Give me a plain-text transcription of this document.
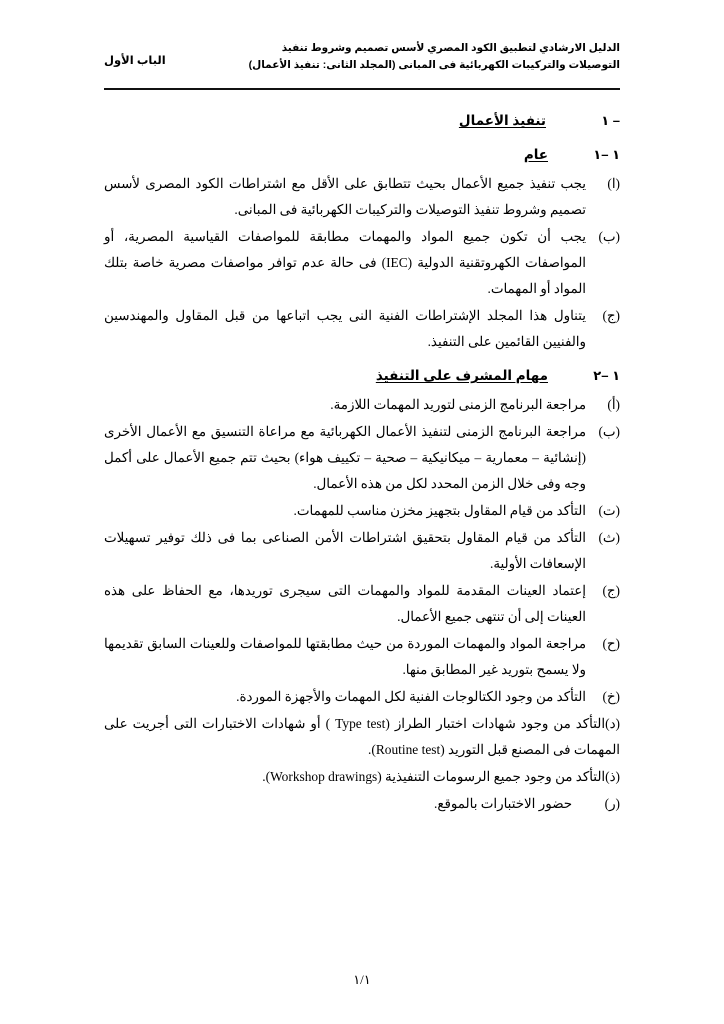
الباب الأول
الدليل الارشادي لتطبيق الكود المصري لأسس تصميم وشروط تنفيذ
التوصيلات والتركيبات الكهربائية فى المبانى (المجلد الثانى: تنفيذ الأعمال)
١ –
تنفيذ الأعمال
١ –١
عام
(ا)
يجب تنفيذ جميع الأعمال بحيث تتطابق على الأقل مع اشتراطات الكود المصرى لأسس تصميم وشروط تنفيذ التوصيلات والتركيبات الكهربائية فى المبانى.
(ب)
يجب أن تكون جميع المواد والمهمات مطابقة للمواصفات القياسية المصرية، أو المواصفات الكهروتقنية الدولية (IEC) فى حالة عدم توافر مواصفات مصرية خاصة بتلك المواد أو المهمات.
(ج)
يتناول هذا المجلد الإشتراطات الفنية النى يجب اتباعها من قبل المقاول والمهندسين والفنيين القائمين على التنفيذ.
١ –٢
مهام المشرف على التنفيذ
(أ)
مراجعة البرنامج الزمنى لتوريد المهمات اللازمة.
(ب)
مراجعة البرنامج الزمنى لتنفيذ الأعمال الكهربائية مع مراعاة التنسيق مع الأعمال الأخرى (إنشائية – معمارية – ميكانيكية – صحية – تكييف هواء) بحيث تتم جميع الأعمال على أكمل وجه وفى خلال الزمن المحدد لكل من هذه الأعمال.
(ت)
التأكد من قيام المقاول بتجهيز مخزن مناسب للمهمات.
(ث)
التأكد من قيام المقاول بتحقيق اشتراطات الأمن الصناعى بما فى ذلك توفير تسهيلات الإسعافات الأولية.
(ج)
إعتماد العينات المقدمة للمواد والمهمات التى سيجرى توريدها، مع الحفاظ على هذه العينات إلى أن تنتهى جميع الأعمال.
(ح)
مراجعة المواد والمهمات الموردة من حيث مطابقتها للمواصفات وللعينات السابق تقديمها ولا يسمح بتوريد غير المطابق منها.
(خ)
التأكد من وجود الكتالوجات الفنية لكل المهمات والأجهزة الموردة.
(د)التأكد من وجود شهادات اختبار الطراز (Type test ) أو شهادات الاختبارات التى أجريت على المهمات فى المصنع قبل التوريد (Routine test).
(ذ)التأكد من وجود جميع الرسومات التنفيذية (Workshop drawings).
(ر)
حضور الاختبارات بالموقع.
١/١
